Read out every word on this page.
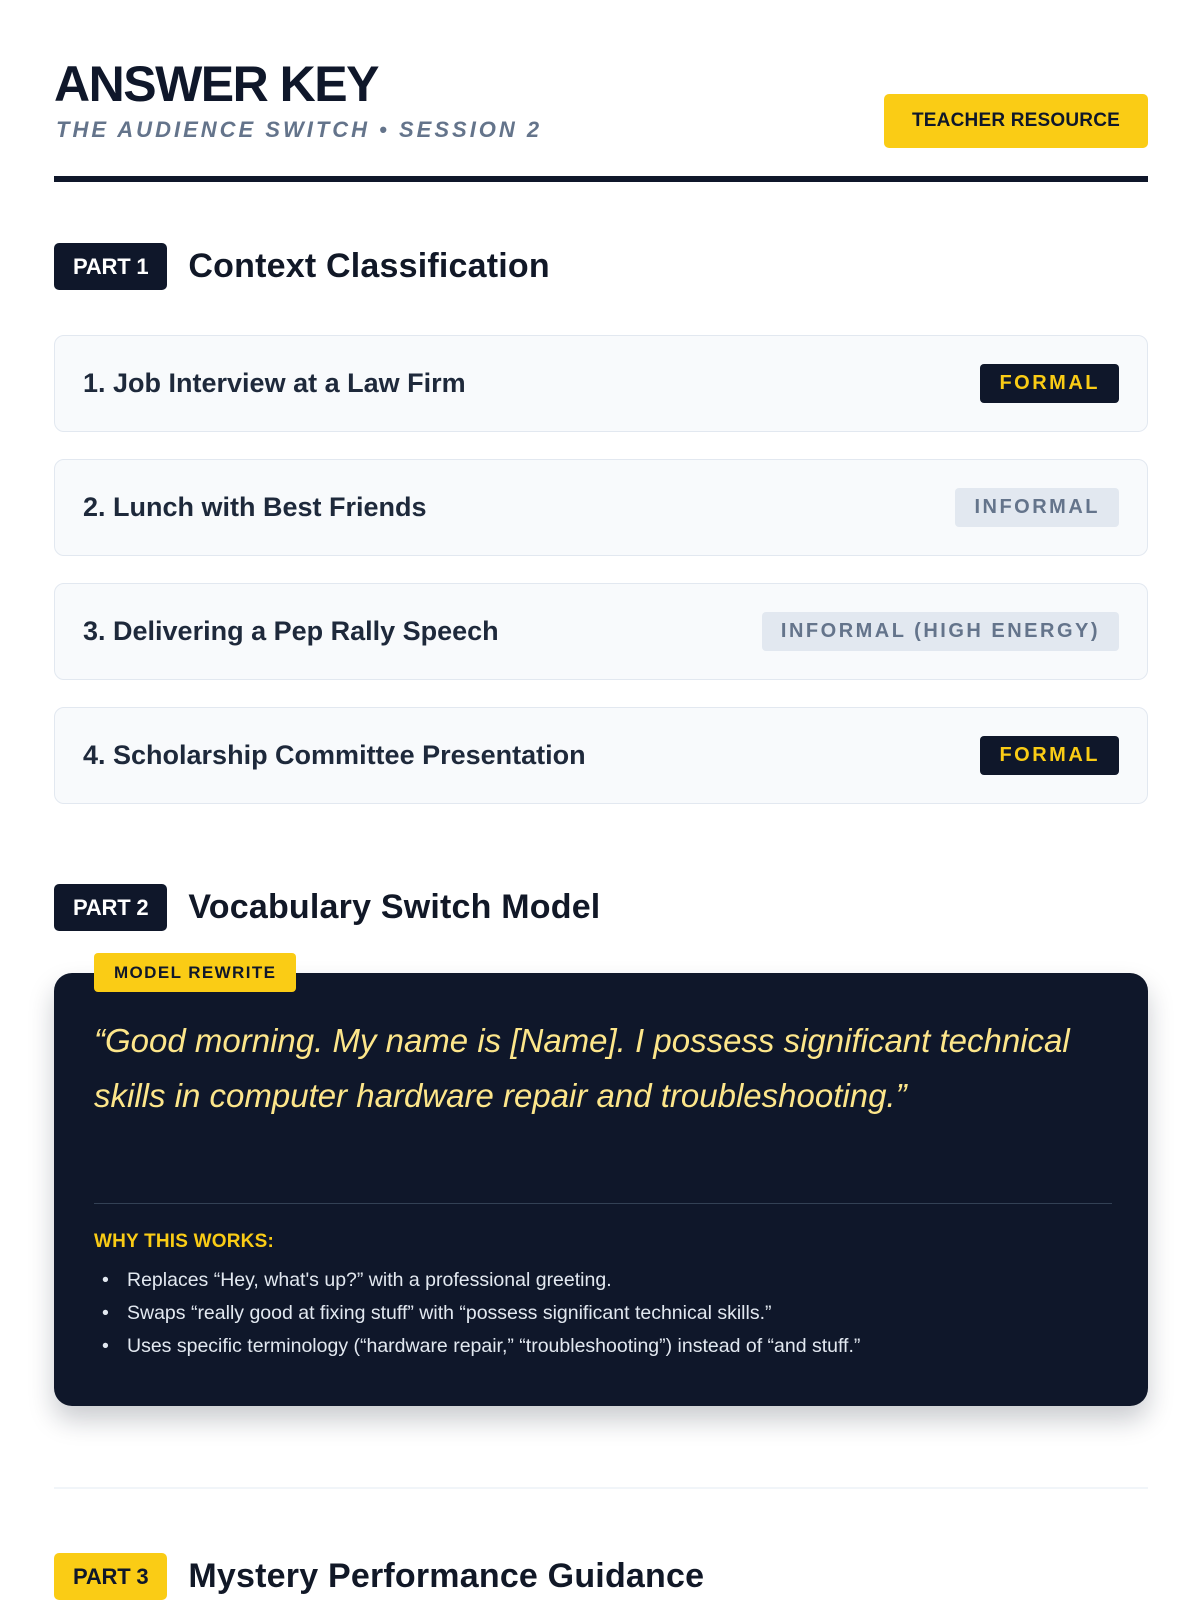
ANSWER KEY
THE AUDIENCE SWITCH • SESSION 2	TEACHER RESOURCE
PART 1	Context Classification
1. Job Interview at a Law Firm	FORMAL
2. Lunch with Best Friends	INFORMAL
3. Delivering a Pep Rally Speech	INFORMAL (HIGH ENERGY)
4. Scholarship Committee Presentation	FORMAL
PART 2	Vocabulary Switch Model
MODEL REWRITE
“Good morning. My name is [Name]. I possess significant technical skills in computer hardware repair and troubleshooting.”
WHY THIS WORKS:
• Replaces “Hey, what's up?” with a professional greeting.
• Swaps “really good at fixing stuff” with “possess significant technical skills.”
• Uses specific terminology (“hardware repair,” “troubleshooting”) instead of “and stuff.”
PART 3	Mystery Performance Guidance
